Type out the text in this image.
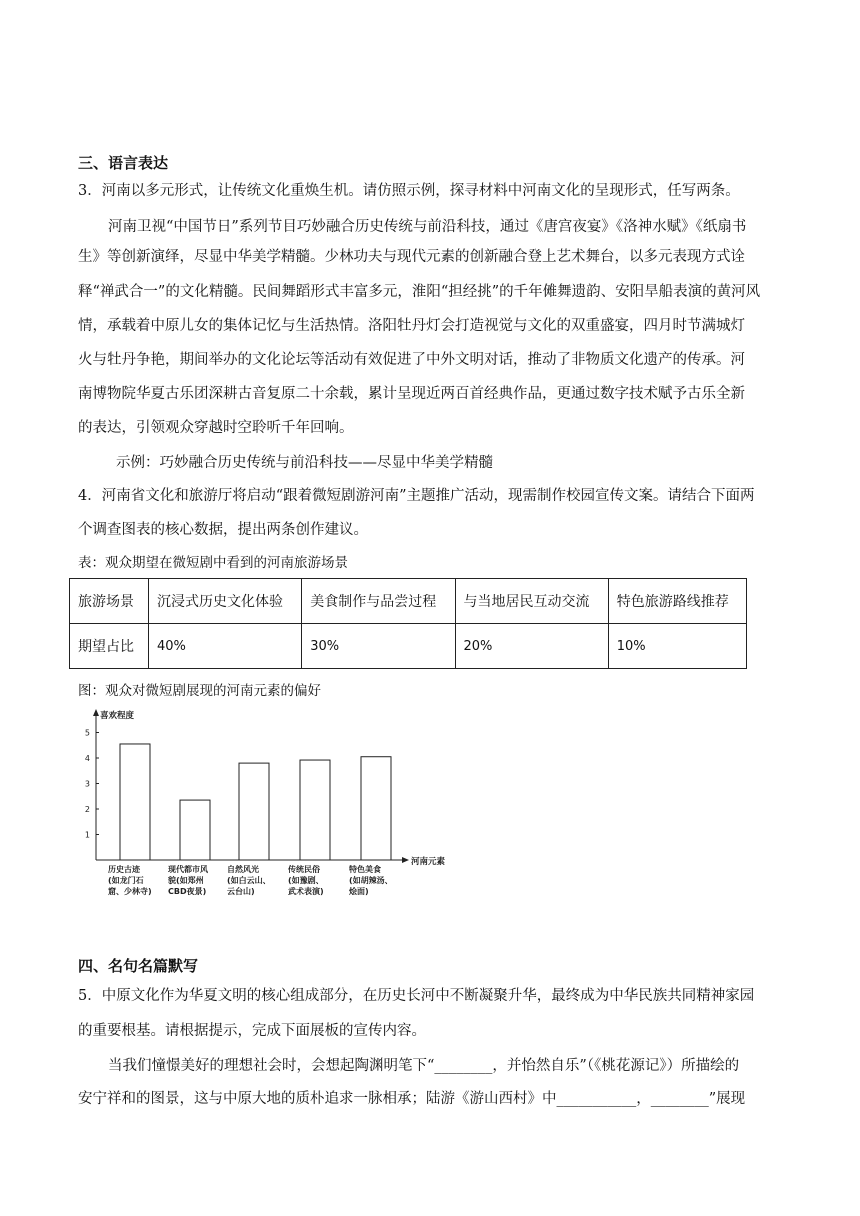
三、语言表达
3．河南以多元形式，让传统文化重焕生机。请仿照示例，探寻材料中河南文化的呈现形式，任写两条。
河南卫视“中国节日”系列节目巧妙融合历史传统与前沿科技，通过《唐宫夜宴》《洛神水赋》《纸扇书
生》等创新演绎，尽显中华美学精髓。少林功夫与现代元素的创新融合登上艺术舞台，以多元表现方式诠
释“禅武合一”的文化精髓。民间舞蹈形式丰富多元，淮阳“担经挑”的千年傩舞遗韵、安阳旱船表演的黄河风
情，承载着中原儿女的集体记忆与生活热情。洛阳牡丹灯会打造视觉与文化的双重盛宴，四月时节满城灯
火与牡丹争艳，期间举办的文化论坛等活动有效促进了中外文明对话，推动了非物质文化遗产的传承。河
南博物院华夏古乐团深耕古音复原二十余载，累计呈现近两百首经典作品，更通过数字技术赋予古乐全新
的表达，引领观众穿越时空聆听千年回响。
示例：巧妙融合历史传统与前沿科技——尽显中华美学精髓
4．河南省文化和旅游厅将启动“跟着微短剧游河南”主题推广活动，现需制作校园宣传文案。请结合下面两
个调查图表的核心数据，提出两条创作建议。
表：观众期望在微短剧中看到的河南旅游场景
旅游场景	沉浸式历史文化体验	美食制作与品尝过程	与当地居民互动交流	特色旅游路线推荐
期望占比	40%	30%	20%	10%
图：观众对微短剧展现的河南元素的偏好
喜欢程度
河南元素
1
2
3
4
5
历史古迹
(如龙门石
窟、少林寺)
现代都市风
貌(如郑州
CBD夜景)
自然风光
(如白云山、
云台山)
传统民俗
(如豫剧、
武术表演)
特色美食
(如胡辣汤、
烩面)
四、名句名篇默写
5．中原文化作为华夏文明的核心组成部分，在历史长河中不断凝聚升华，最终成为中华民族共同精神家园
的重要根基。请根据提示，完成下面展板的宣传内容。
当我们憧憬美好的理想社会时，会想起陶渊明笔下“________，并怡然自乐”（《桃花源记》）所描绘的
安宁祥和的图景，这与中原大地的质朴追求一脉相承；陆游《游山西村》中___________，________”展现
